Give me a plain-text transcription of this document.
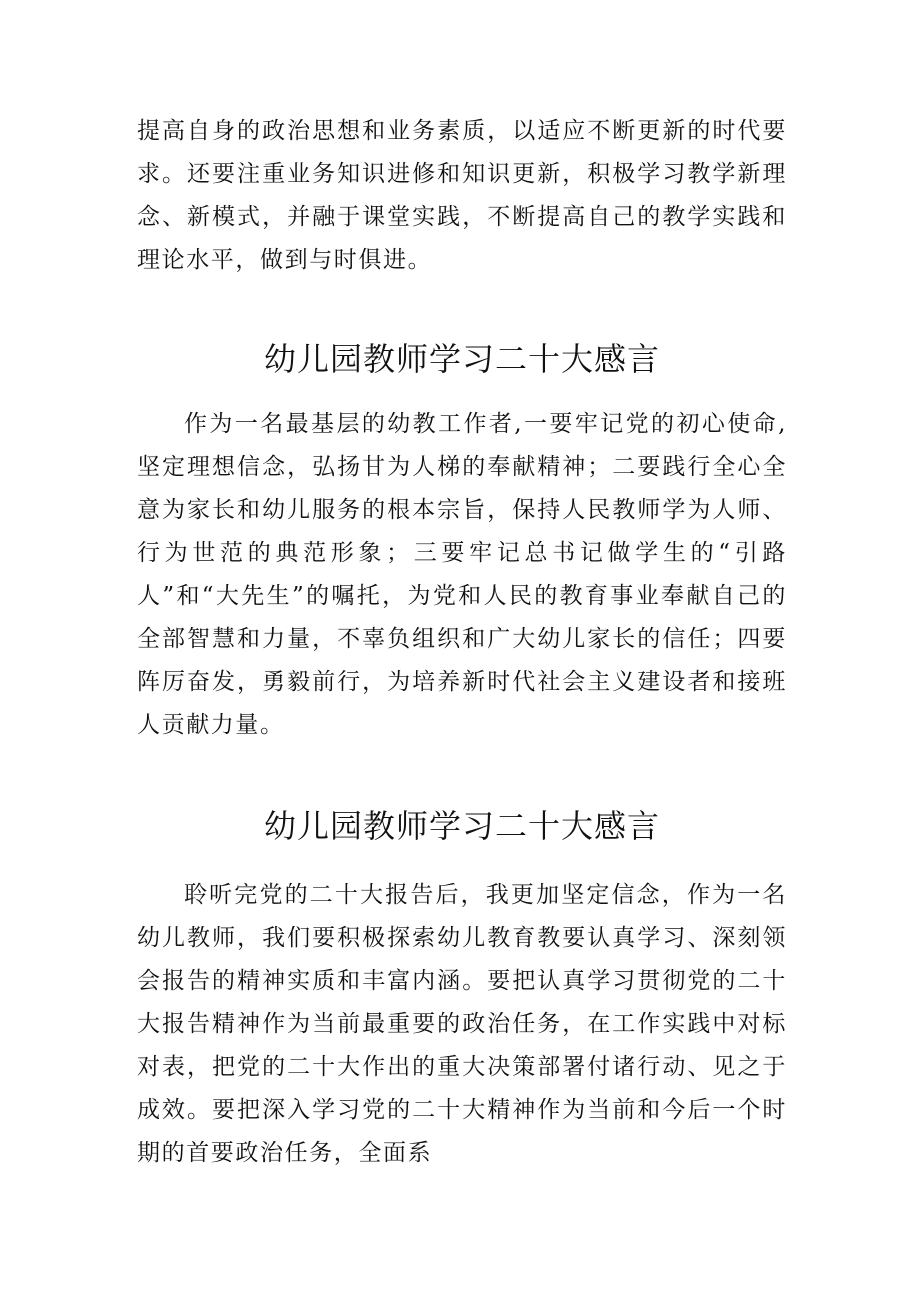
提高自身的政治思想和业务素质，以适应不断更新的时代要求。还要注重业务知识进修和知识更新，积极学习教学新理念、新模式，并融于课堂实践，不断提高自己的教学实践和理论水平，做到与时俱进。

幼儿园教师学习二十大感言

作为一名最基层的幼教工作者,一要牢记党的初心使命,坚定理想信念，弘扬甘为人梯的奉献精神；二要践行全心全意为家长和幼儿服务的根本宗旨，保持人民教师学为人师、行为世范的典范形象；三要牢记总书记做学生的“引路人”和“大先生”的嘱托，为党和人民的教育事业奉献自己的全部智慧和力量，不辜负组织和广大幼儿家长的信任；四要阵厉奋发，勇毅前行，为培养新时代社会主义建设者和接班人贡献力量。

幼儿园教师学习二十大感言

聆听完党的二十大报告后，我更加坚定信念，作为一名幼儿教师，我们要积极探索幼儿教育教要认真学习、深刻领会报告的精神实质和丰富内涵。要把认真学习贯彻党的二十大报告精神作为当前最重要的政治任务，在工作实践中对标对表，把党的二十大作出的重大决策部署付诸行动、见之于成效。要把深入学习党的二十大精神作为当前和今后一个时期的首要政治任务，全面系
